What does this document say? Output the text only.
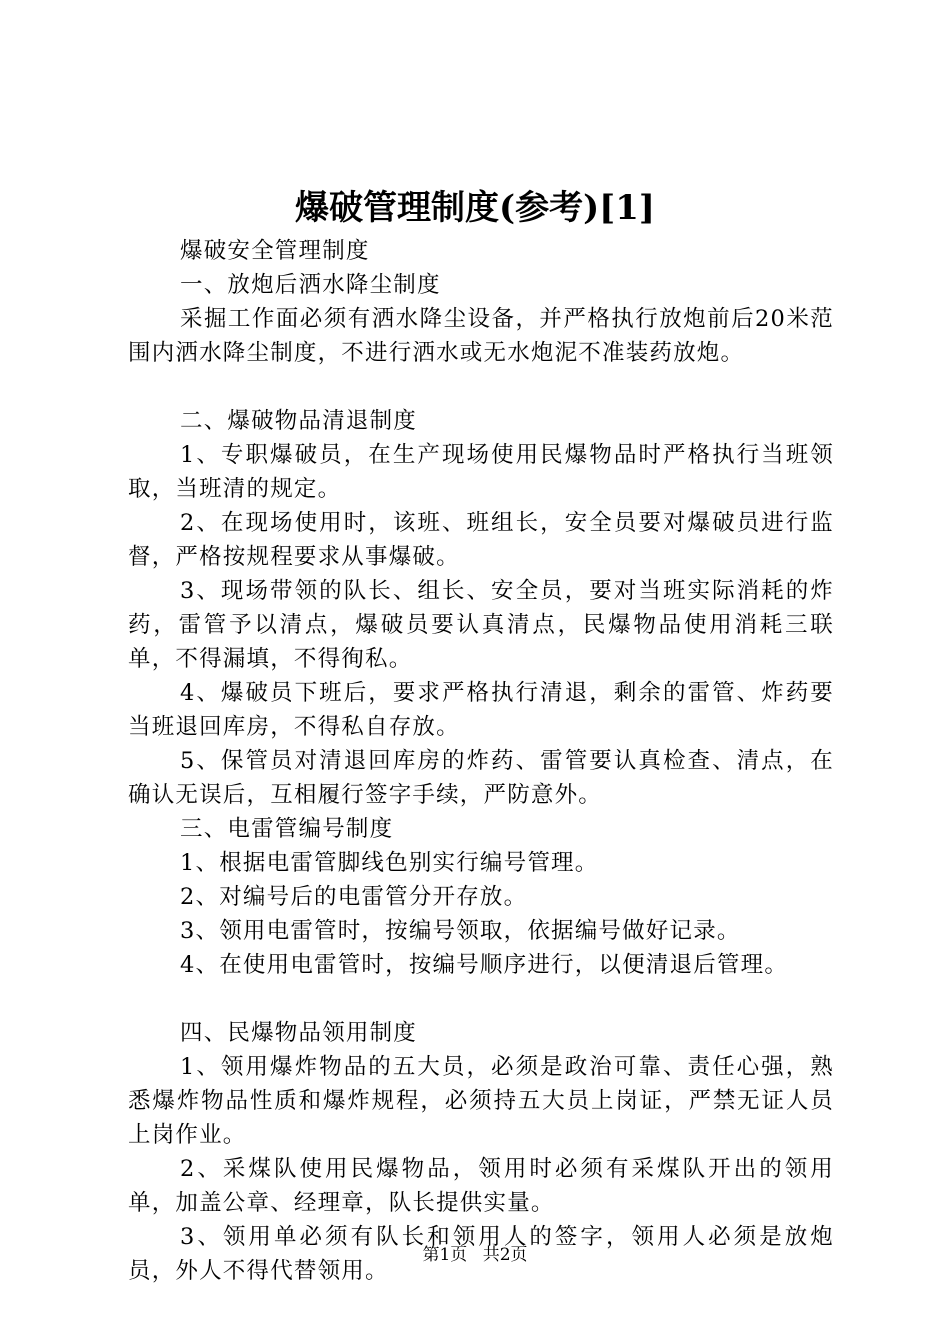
爆破管理制度(参考)[1]

爆破安全管理制度

一、放炮后洒水降尘制度

采掘工作面必须有洒水降尘设备，并严格执行放炮前后20米范围内洒水降尘制度，不进行洒水或无水炮泥不准装药放炮。

二、爆破物品清退制度

1、专职爆破员，在生产现场使用民爆物品时严格执行当班领取，当班清的规定。

2、在现场使用时，该班、班组长，安全员要对爆破员进行监督，严格按规程要求从事爆破。

3、现场带领的队长、组长、安全员，要对当班实际消耗的炸药，雷管予以清点，爆破员要认真清点，民爆物品使用消耗三联单，不得漏填，不得徇私。

4、爆破员下班后，要求严格执行清退，剩余的雷管、炸药要当班退回库房，不得私自存放。

5、保管员对清退回库房的炸药、雷管要认真检查、清点，在确认无误后，互相履行签字手续，严防意外。

三、电雷管编号制度

1、根据电雷管脚线色别实行编号管理。

2、对编号后的电雷管分开存放。

3、领用电雷管时，按编号领取，依据编号做好记录。

4、在使用电雷管时，按编号顺序进行，以便清退后管理。

四、民爆物品领用制度

1、领用爆炸物品的五大员，必须是政治可靠、责任心强，熟悉爆炸物品性质和爆炸规程，必须持五大员上岗证，严禁无证人员上岗作业。

2、采煤队使用民爆物品，领用时必须有采煤队开出的领用单，加盖公章、经理章，队长提供实量。

3、领用单必须有队长和领用人的签字，领用人必须是放炮员，外人不得代替领用。

第1页 共2页
